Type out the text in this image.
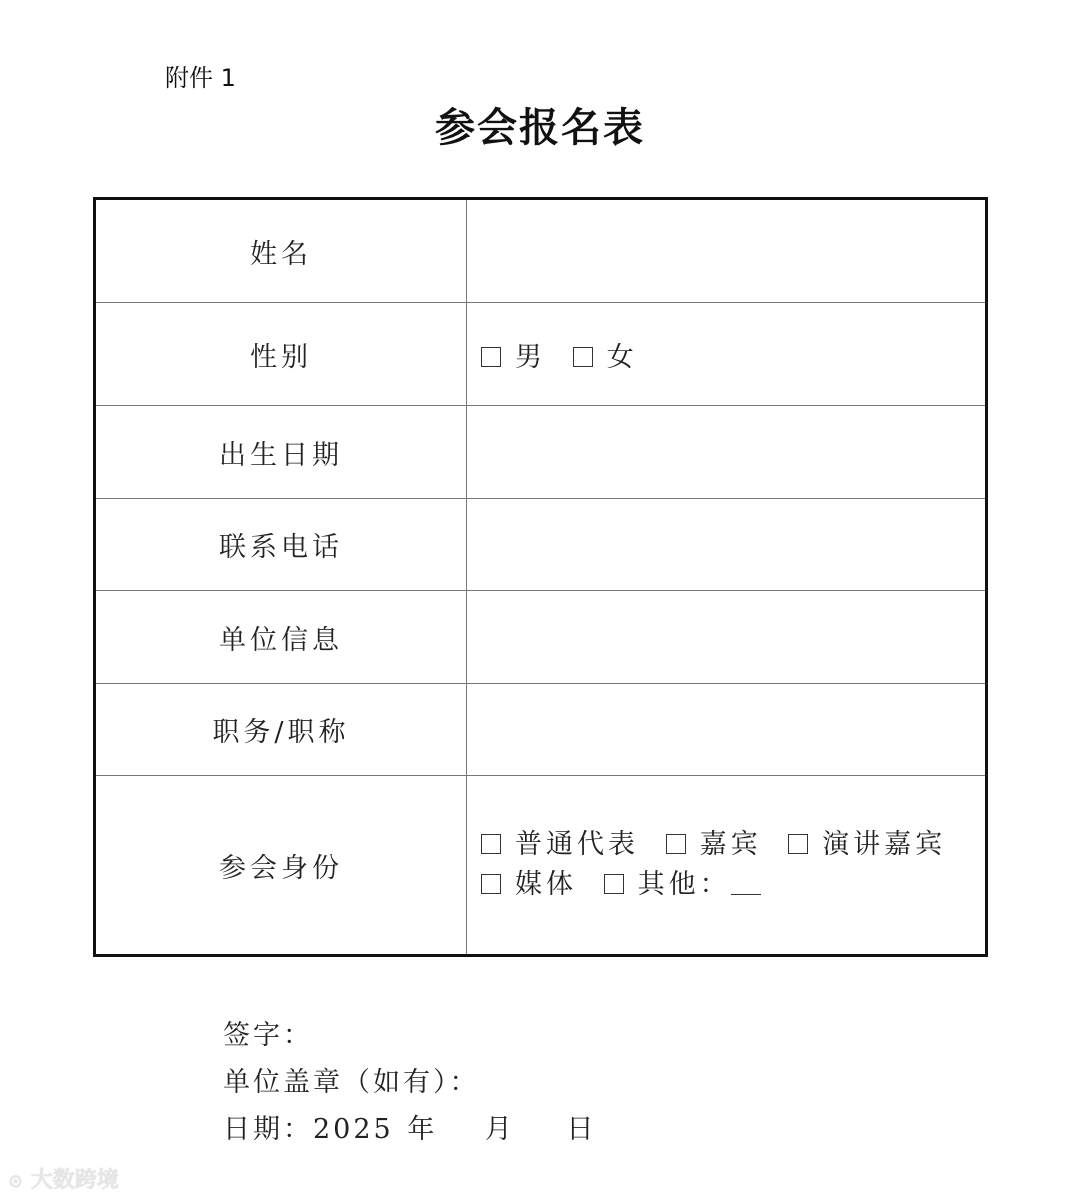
附件 1
参会报名表
姓名	
性别	男 女
出生日期	
联系电话	
单位信息	
职务/职称	
参会身份	普通代表 嘉宾 演讲嘉宾
媒体 其他：
签字：
单位盖章（如有）：
日期：2025 年 月 日
⊙ 大数跨境
